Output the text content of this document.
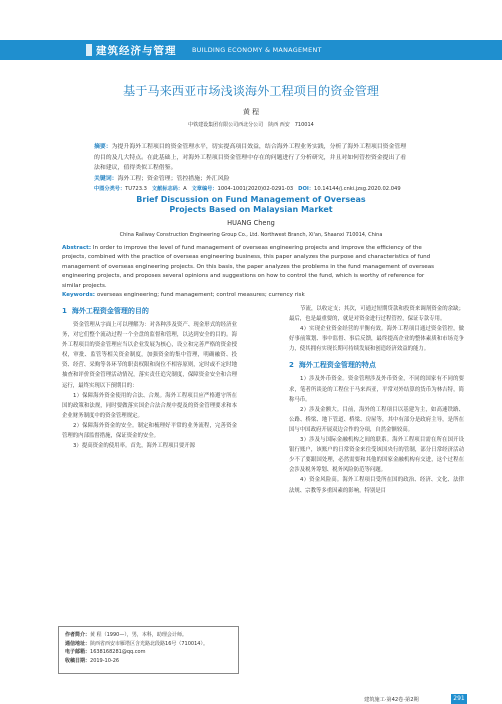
建筑经济与管理 BUILDING ECONOMY & MANAGEMENT
基于马来西亚市场浅谈海外工程项目的资金管理
黄 程
中铁建设集团有限公司西北分公司　陕西 西安　710014
摘要：为提升海外工程项目的资金管理水平，切实提高项目效益，结合海外工程业务实践，分析了海外工程项目资金管理的目的及几大特点。在此基础上，对海外工程项目资金管理中存在的问题进行了分析研究，并且对如何管控资金提出了看法和建议，值得类似工程借鉴。
关键词：海外工程；资金管理；管控措施；外汇风险
中图分类号：TU723.3 文献标志码：A 文章编号：1004-1001(2020)02-0291-03 DOI：10.14144/j.cnki.jzsg.2020.02.049
Brief Discussion on Fund Management of Overseas
Projects Based on Malaysian Market
HUANG Cheng
China Railway Construction Engineering Group Co., Ltd. Northwest Branch, Xi'an, Shaanxi 710014, China
Abstract: In order to improve the level of fund management of overseas engineering projects and improve the efficiency of the projects, combined with the practice of overseas engineering business, this paper analyzes the purpose and characteristics of fund management of overseas engineering projects. On this basis, the paper analyzes the problems in the fund management of overseas engineering projects, and proposes several opinions and suggestions on how to control the fund, which is worthy of reference for similar projects.
Keywords: overseas engineering; fund management; control measures; currency risk
1 海外工程资金管理的目的

资金管理从字面上可以理解为：对各种涉及资产、现金形式的经济业务，对它们整个流动过程一个全盘的监督和管理，以达到安全的目的。海外工程项目的资金管理应当以企业发展为核心，设立和完善严格的资金授权，审批、监管等相关资金制度，加强资金的集中管理，明确融资、投资、经营、采购等各环节的职责权限和岗位不相容原则，定时或不定时地抽查和评价资金管理活动情况，落实责任追究制度，保障资金安全和合理运行，最终实现以下预期目的：

1）保障海外资金使用的合法、合规。海外工程项目应严格遵守所在国的政策和法规，同时要做落实国企合法合规中提及的资金管理要求和本企业财务制度中的资金管理规定。

2）保障海外资金的安全。制定和梳理好平常的业务流程，完善资金管理的内部监督措施，保证资金的安全。

3）提高资金的使用率。首先，海外工程项目要开源

节流，以收定支；其次，可通过短期贷款和投资来调剂资金的余缺；最后，也是最重要的，就是对资金进行过程管控，保证专款专用。

4）实现企业资金经营的平衡有效。海外工程项目通过资金管控，做好事前策划、事中监督、事后反馈，最终提高企业的整体素质和市场竞争力，使其拥有实现长期可持续发展和创造经济效益的能力。

2 海外工程资金管理的特点

1）涉及外币资金。资金管理涉及外币资金，不同的国家有不同的要求，笔者所谈论的工程位于马来西亚，平常对外结算的货币为林吉特，简称马币。

2）涉及金额大。目前，海外的工程项目以基建为主，如高速铁路、公路、桥梁、地下管道、桥梁、房屋等，其中有部分是政府主导，是所在国与中国政府开展双边合作的分项，自然金额较高。

3）涉及与国际金融机构之间的联系。海外工程项目需在所在国开设银行账户，该账户的日常资金来往受该国央行的管制，部分日常经济活动少不了要跟国处理，必然需要和其他的国家金融机构有交进，这个过程在会涉及税务筹划、税务风险防范等问题。

4）资金风险高。海外工程项目受所在国的政治、经济、文化、法律法规、宗教等多重因素的影响，特别是目

作者简介：黄 程（1990—），男，本科，助理会计师。
通信地址：陕西省西安市雁塔区含光路北段路16号（710014）。
电子邮箱：1638168281@qq.com
收稿日期：2019-10-26
建筑施工·第42卷·第2期	291
